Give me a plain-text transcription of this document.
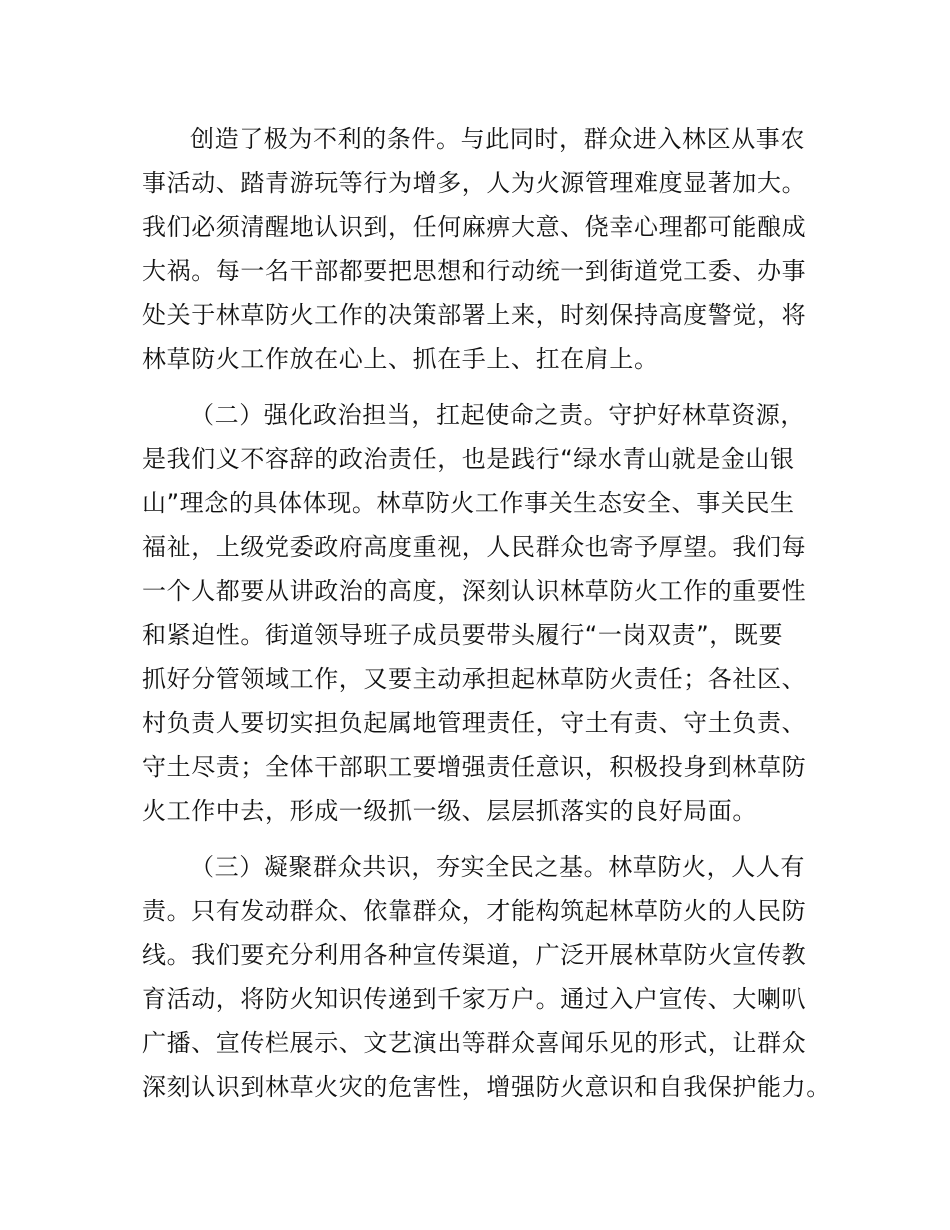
创造了极为不利的条件。与此同时，群众进入林区从事农
事活动、踏青游玩等行为增多，人为火源管理难度显著加大。
我们必须清醒地认识到，任何麻痹大意、侥幸心理都可能酿成
大祸。每一名干部都要把思想和行动统一到街道党工委、办事
处关于林草防火工作的决策部署上来，时刻保持高度警觉，将
林草防火工作放在心上、抓在手上、扛在肩上。
（二）强化政治担当，扛起使命之责。守护好林草资源，
是我们义不容辞的政治责任，也是践行“绿水青山就是金山银
山”理念的具体体现。林草防火工作事关生态安全、事关民生
福祉，上级党委政府高度重视，人民群众也寄予厚望。我们每
一个人都要从讲政治的高度，深刻认识林草防火工作的重要性
和紧迫性。街道领导班子成员要带头履行“一岗双责”，既要
抓好分管领域工作，又要主动承担起林草防火责任；各社区、
村负责人要切实担负起属地管理责任，守土有责、守土负责、
守土尽责；全体干部职工要增强责任意识，积极投身到林草防
火工作中去，形成一级抓一级、层层抓落实的良好局面。
（三）凝聚群众共识，夯实全民之基。林草防火，人人有
责。只有发动群众、依靠群众，才能构筑起林草防火的人民防
线。我们要充分利用各种宣传渠道，广泛开展林草防火宣传教
育活动，将防火知识传递到千家万户。通过入户宣传、大喇叭
广播、宣传栏展示、文艺演出等群众喜闻乐见的形式，让群众
深刻认识到林草火灾的危害性，增强防火意识和自我保护能力。
